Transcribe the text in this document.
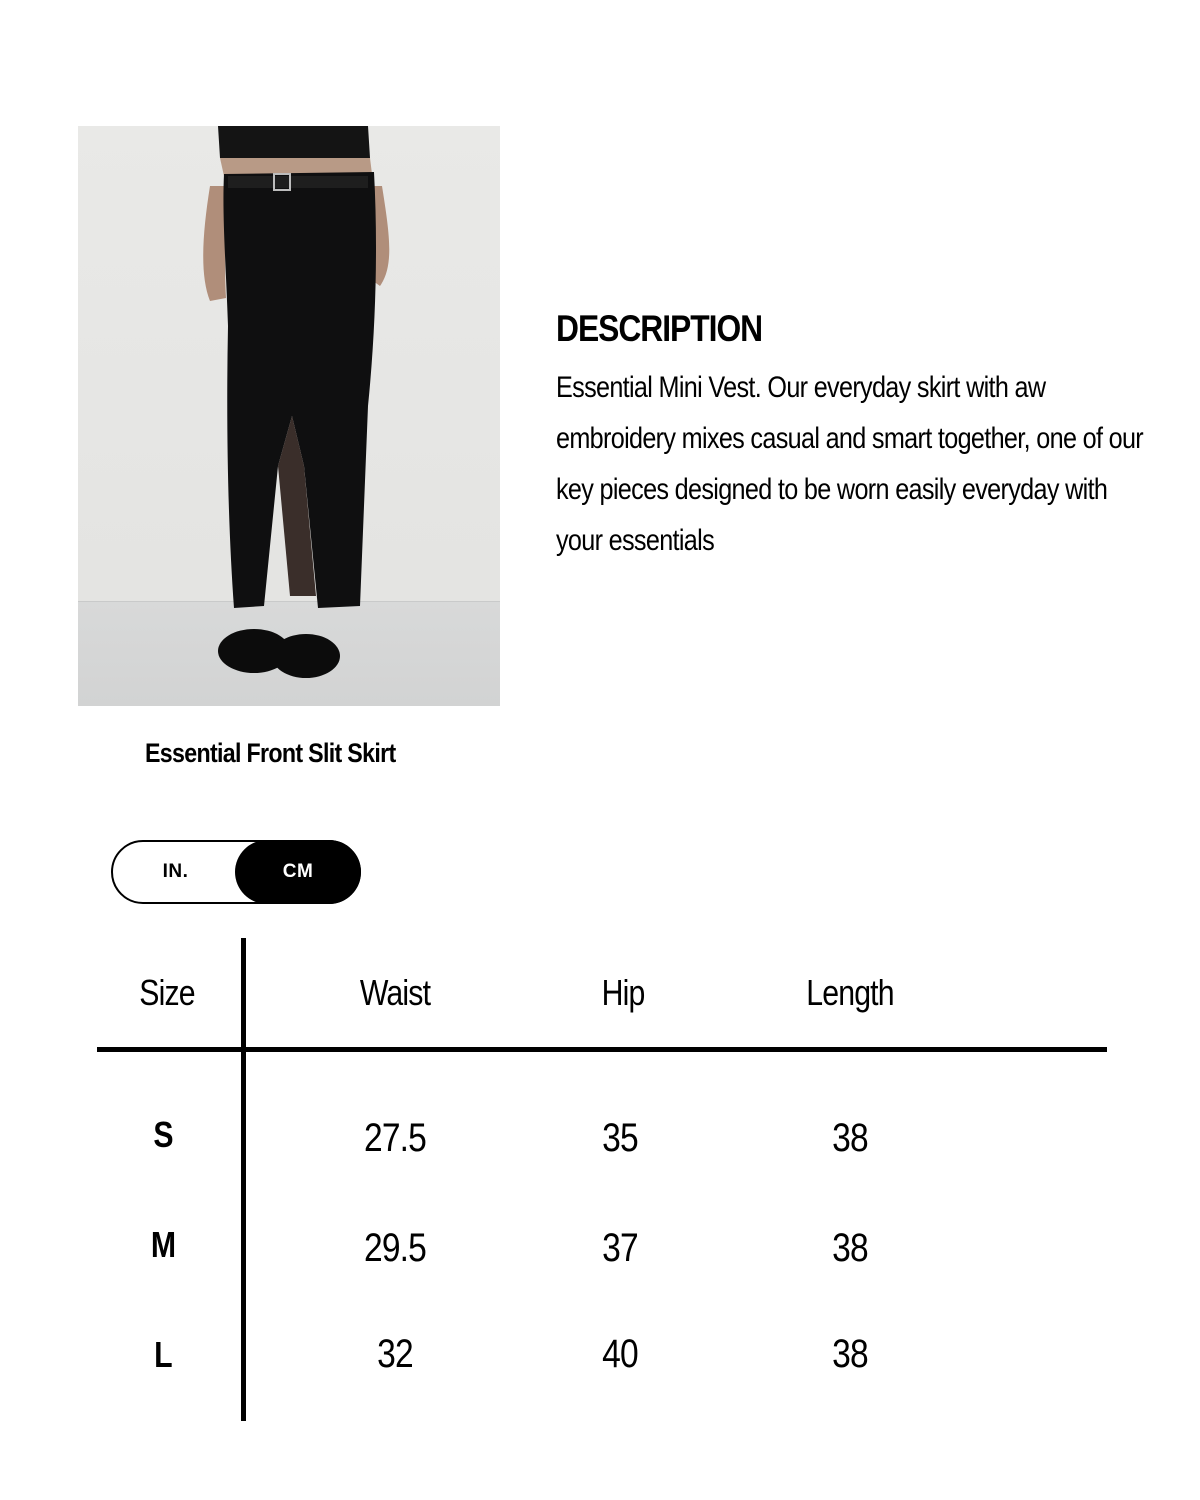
Essential Front Slit Skirt
DESCRIPTION
Essential Mini Vest. Our everyday skirt with aw
embroidery mixes casual and smart together, one of our
key pieces designed to be worn easily everyday with
your essentials
IN.	CM
Size	Waist	Hip	Length
S	27.5	35	38
M	29.5	37	38
L	32	40	38
